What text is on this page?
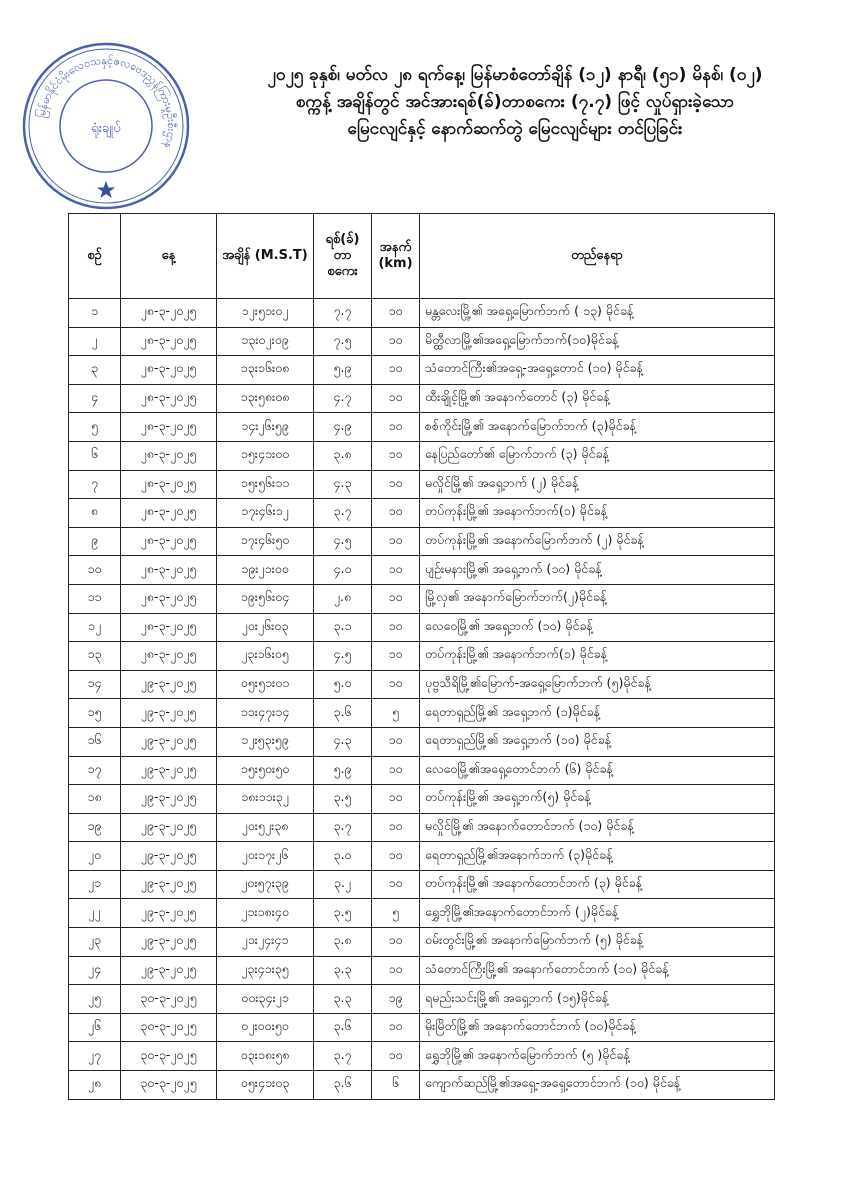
မြန်မာနိုင်ငံမိုးလေဝသနှင့်ဇလဗေဒညွှန်ကြားမှုဦးစီးဌာန
ရုံးချုပ်
၂၀၂၅ ခုနှစ်၊ မတ်လ ၂၈ ရက်နေ့၊ မြန်မာစံတော်ချိန် (၁၂) နာရီ၊ (၅၁) မိနစ်၊ (၀၂)
စက္ကန့် အချိန်တွင် အင်အားရစ်(ခ်)တာစကေး (၇.၇) ဖြင့် လှုပ်ရှားခဲ့သော
မြေငလျင်နှင့် နောက်ဆက်တွဲ မြေငလျင်များ တင်ပြခြင်း
စဉ်	နေ့	အချိန် (M.S.T)	ရစ်(ခ်) တာ စကေး	အနက် (km)	တည်နေရာ
၁	၂၈-၃-၂၀၂၅	၁၂း၅၁း၀၂	၇.၇	၁၀	မန္တလေးမြို့၏ အရှေ့မြောက်ဘက် ( ၁၃) မိုင်ခန့်
၂	၂၈-၃-၂၀၂၅	၁၃း၀၂း၀၉	၇.၅	၁၀	မိတ္ထီလာမြို့၏အရှေ့မြောက်ဘက်(၁၀)မိုင်ခန့်
၃	၂၈-၃-၂၀၂၅	၁၃း၁၆း၀၈	၅.၉	၁၀	သံတောင်ကြီး၏အရှေ့-အရှေ့တောင် (၁၀) မိုင်ခန့်
၄	၂၈-၃-၂၀၂၅	၁၃း၅၈း၀၈	၄.၇	၁၀	ထီးချိုင့်မြို့၏ အနောက်တောင် (၃) မိုင်ခန့်
၅	၂၈-၃-၂၀၂၅	၁၄း၂၆း၅၉	၄.၉	၁၀	စစ်ကိုင်းမြို့၏ အနောက်မြောက်ဘက် (၃)မိုင်ခန့်
၆	၂၈-၃-၂၀၂၅	၁၅း၄၁း၀၀	၃.၈	၁၀	နေပြည်တော်၏ မြောက်ဘက် (၃) မိုင်ခန့်
၇	၂၈-၃-၂၀၂၅	၁၅း၅၆း၁၁	၄.၃	၁၀	မလှိုင်မြို့၏ အရှေ့ဘက် (၂) မိုင်ခန့်
၈	၂၈-၃-၂၀၂၅	၁၇း၄၆း၁၂	၃.၇	၁၀	တပ်ကုန်းမြို့၏ အနောက်ဘက်(၁) မိုင်ခန့်
၉	၂၈-၃-၂၀၂၅	၁၇း၄၆း၅၀	၄.၅	၁၀	တပ်ကုန်းမြို့၏ အနောက်မြောက်ဘက် (၂) မိုင်ခန့်
၁၀	၂၈-၃-၂၀၂၅	၁၉း၂၁း၀၀	၄.၀	၁၀	ပျဉ်းမနားမြို့၏ အရှေ့ဘက် (၁၀) မိုင်ခန့်
၁၁	၂၈-၃-၂၀၂၅	၁၉း၅၆း၀၄	၂.၈	၁၀	မြို့လှ၏ အနောက်မြောက်ဘက်(၂)မိုင်ခန့်
၁၂	၂၈-၃-၂၀၂၅	၂၀း၂၆း၀၃	၃.၁	၁၀	လေဝေမြို့၏ အရှေ့ဘက် (၁၀) မိုင်ခန့်
၁၃	၂၈-၃-၂၀၂၅	၂၃း၁၆း၀၅	၄.၅	၁၀	တပ်ကုန်းမြို့၏ အနောက်ဘက်(၁) မိုင်ခန့်
၁၄	၂၉-၃-၂၀၂၅	၀၅း၅၁း၀၁	၅.၀	၁၀	ပုဗ္ဗသီရိမြို့၏မြောက်-အရှေ့မြောက်ဘက် (၅)မိုင်ခန့်
၁၅	၂၉-၃-၂၀၂၅	၁၁း၄၇း၁၄	၃.၆	၅	ရေတာရှည်မြို့၏ အရှေ့ဘက် (၁)မိုင်ခန့်
၁၆	၂၉-၃-၂၀၂၅	၁၂း၅၃း၅၉	၄.၃	၁၀	ရေတာရှည်မြို့၏ အရှေ့ဘက် (၁၀) မိုင်ခန့်
၁၇	၂၉-၃-၂၀၂၅	၁၅း၅၀း၅၀	၅.၉	၁၀	လေဝေမြို့၏အရှေ့တောင်ဘက် (၆) မိုင်ခန့်
၁၈	၂၉-၃-၂၀၂၅	၁၈း၁၁း၃၂	၃.၅	၁၀	တပ်ကုန်းမြို့၏ အရှေ့ဘက်(၅) မိုင်ခန့်
၁၉	၂၉-၃-၂၀၂၅	၂၀း၅၂း၃၈	၃.၇	၁၀	မလှိုင်မြို့၏ အနောက်တောင်ဘက် (၁၀) မိုင်ခန့်
၂၀	၂၉-၃-၂၀၂၅	၂၀း၁၇း၂၆	၃.၀	၁၀	ရေတာရှည်မြို့၏အနောက်ဘက် (၃)မိုင်ခန့်
၂၁	၂၉-၃-၂၀၂၅	၂၀း၅၇း၃၉	၃.၂	၁၀	တပ်ကုန်းမြို့၏ အနောက်တောင်ဘက် (၃) မိုင်ခန့်
၂၂	၂၉-၃-၂၀၂၅	၂၁း၁၈း၄၀	၃.၅	၅	ရွှေဘိုမြို့၏အနောက်တောင်ဘက် (၂)မိုင်ခန့်
၂၃	၂၉-၃-၂၀၂၅	၂၁း၂၄း၄၁	၃.၈	၁၀	ဝမ်းတွင်းမြို့၏ အနောက်မြောက်ဘက် (၅) မိုင်ခန့်
၂၄	၂၉-၃-၂၀၂၅	၂၃း၄၁း၃၅	၃.၃	၁၀	သံတောင်ကြီးမြို့၏ အနောက်တောင်ဘက် (၁၀) မိုင်ခန့်
၂၅	၃၀-၃-၂၀၂၅	၀၀း၃၄း၂၁	၃.၃	၁၉	ရမည်းသင်းမြို့၏ အရှေ့ဘက် (၁၅)မိုင်ခန့်
၂၆	၃၀-၃-၂၀၂၅	၀၂း၀၀း၅၀	၃.၆	၁၀	မိုးမြိတ်မြို့၏ အနောက်တောင်ဘက် (၁၀)မိုင်ခန့်
၂၇	၃၀-၃-၂၀၂၅	၀၃း၁၈း၅၈	၃.၇	၁၀	ရွှေဘိုမြို့၏ အနောက်မြောက်ဘက် (၅ )မိုင်ခန့်
၂၈	၃၀-၃-၂၀၂၅	၀၅း၄၁း၀၃	၃.၆	၆	ကျောက်ဆည်မြို့၏အရှေ့-အရှေ့တောင်ဘက် (၁၀) မိုင်ခန့်
